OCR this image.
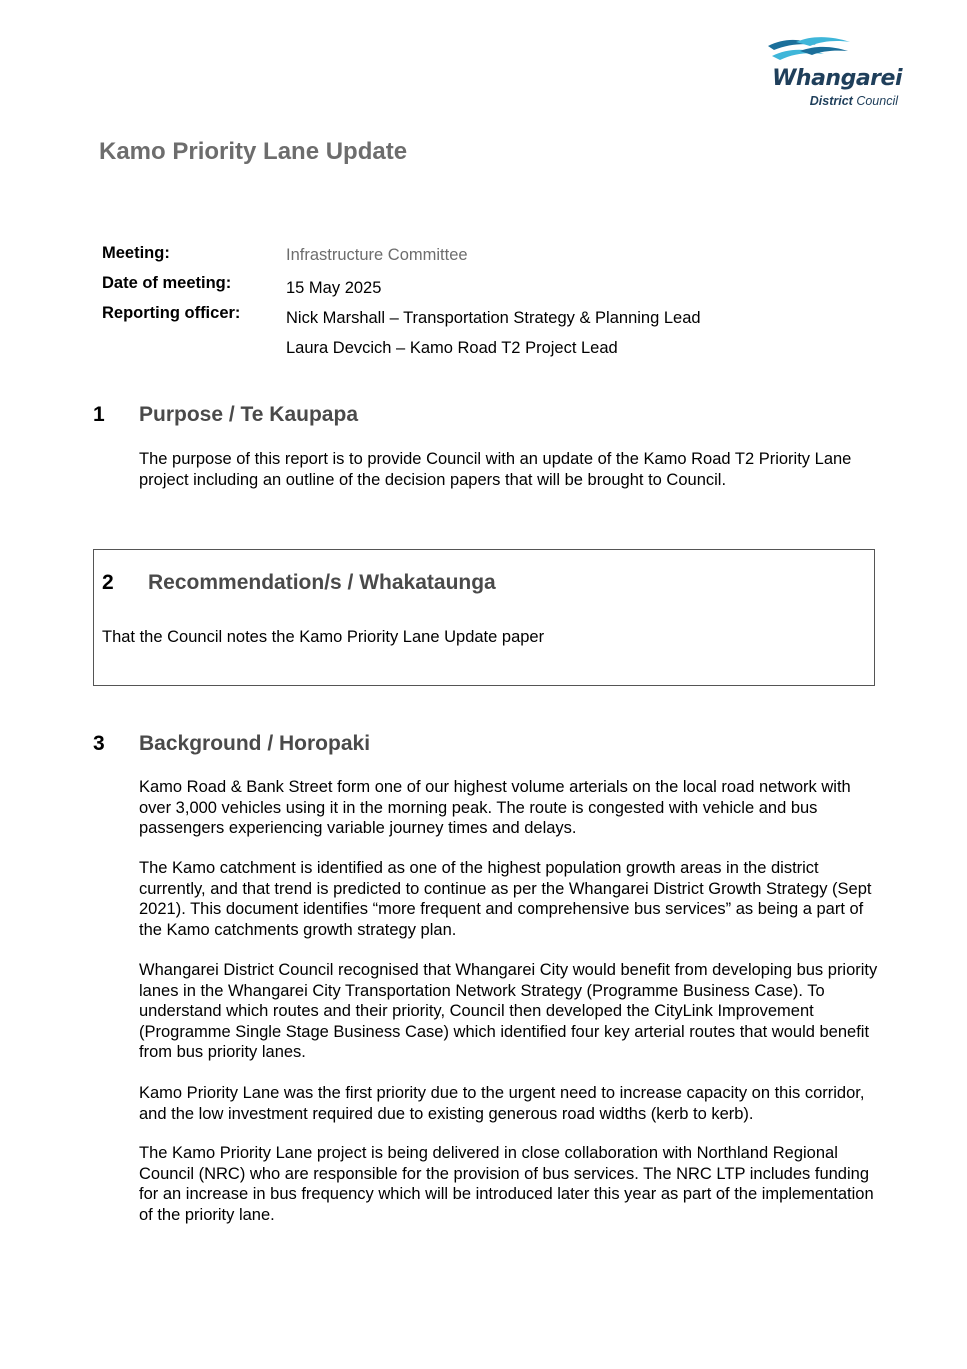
Whangarei
District Council
Kamo Priority Lane Update
Meeting:	Infrastructure Committee
Date of meeting:	15 May 2025
Reporting officer:	Nick Marshall – Transportation Strategy & Planning Lead
Laura Devcich – Kamo Road T2 Project Lead
1 Purpose / Te Kaupapa

The purpose of this report is to provide Council with an update of the Kamo Road T2 Priority Lane project including an outline of the decision papers that will be brought to Council.

2 Recommendation/s / Whakataunga

That the Council notes the Kamo Priority Lane Update paper

3 Background / Horopaki

Kamo Road & Bank Street form one of our highest volume arterials on the local road network with over 3,000 vehicles using it in the morning peak. The route is congested with vehicle and bus passengers experiencing variable journey times and delays.

The Kamo catchment is identified as one of the highest population growth areas in the district currently, and that trend is predicted to continue as per the Whangarei District Growth Strategy (Sept 2021). This document identifies “more frequent and comprehensive bus services” as being a part of the Kamo catchments growth strategy plan.

Whangarei District Council recognised that Whangarei City would benefit from developing bus priority lanes in the Whangarei City Transportation Network Strategy (Programme Business Case). To understand which routes and their priority, Council then developed the CityLink Improvement (Programme Single Stage Business Case) which identified four key arterial routes that would benefit from bus priority lanes.

Kamo Priority Lane was the first priority due to the urgent need to increase capacity on this corridor, and the low investment required due to existing generous road widths (kerb to kerb).

The Kamo Priority Lane project is being delivered in close collaboration with Northland Regional Council (NRC) who are responsible for the provision of bus services. The NRC LTP includes funding for an increase in bus frequency which will be introduced later this year as part of the implementation of the priority lane.
